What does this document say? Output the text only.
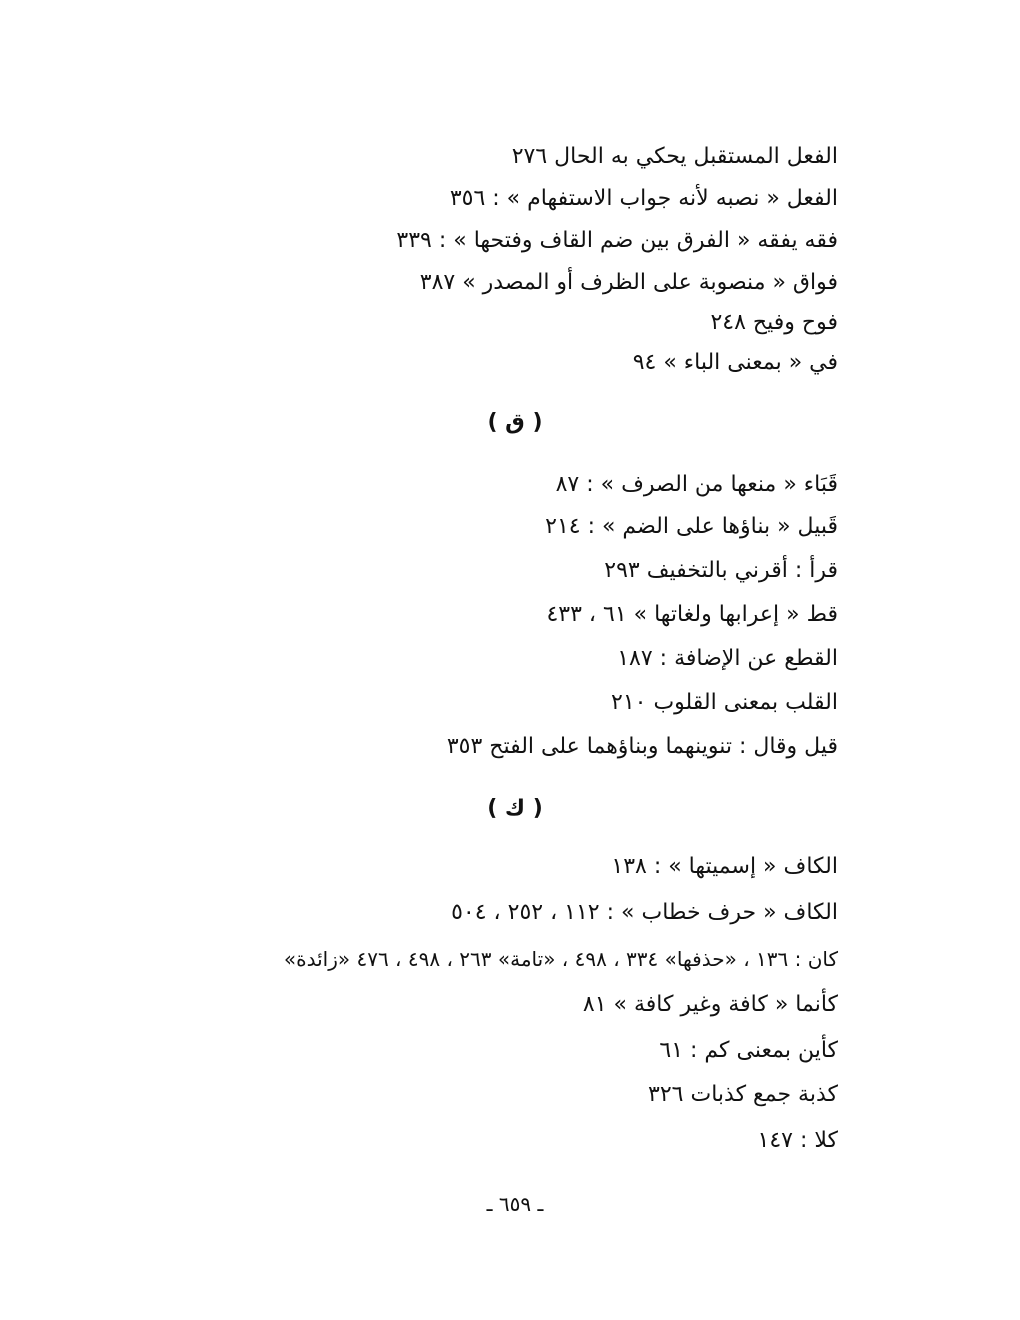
الفعل المستقبل يحكي به الحال ٢٧٦
الفعل « نصبه لأنه جواب الاستفهام » : ٣٥٦
فقه يفقه « الفرق بين ضم القاف وفتحها » : ٣٣٩
فواق « منصوبة على الظرف أو المصدر » ٣٨٧
فوح وفيح ٢٤٨
في « بمعنى الباء » ٩٤
( ق )
قَبَاء « منعها من الصرف » : ٨٧
قَبيل « بناؤها على الضم » : ٢١٤
قرأ : أقرني بالتخفيف ٢٩٣
قط « إعرابها ولغاتها » ٦١ ، ٤٣٣
القطع عن الإضافة : ١٨٧
القلب بمعنى القلوب ٢١٠
قيل وقال : تنوينهما وبناؤهما على الفتح ٣٥٣
( ك )
الكاف « إسميتها » : ١٣٨
الكاف « حرف خطاب » : ١١٢ ، ٢٥٢ ، ٥٠٤
كان : ١٣٦ ، «حذفها» ٣٣٤ ، ٤٩٨ ، «تامة» ٢٦٣ ، ٤٩٨ ، ٤٧٦ «زائدة»
كأنما « كافة وغير كافة » ٨١
كأين بمعنى كم : ٦١
كذبة جمع كذبات ٣٢٦
كلا : ١٤٧
ـ ٦٥٩ ـ
